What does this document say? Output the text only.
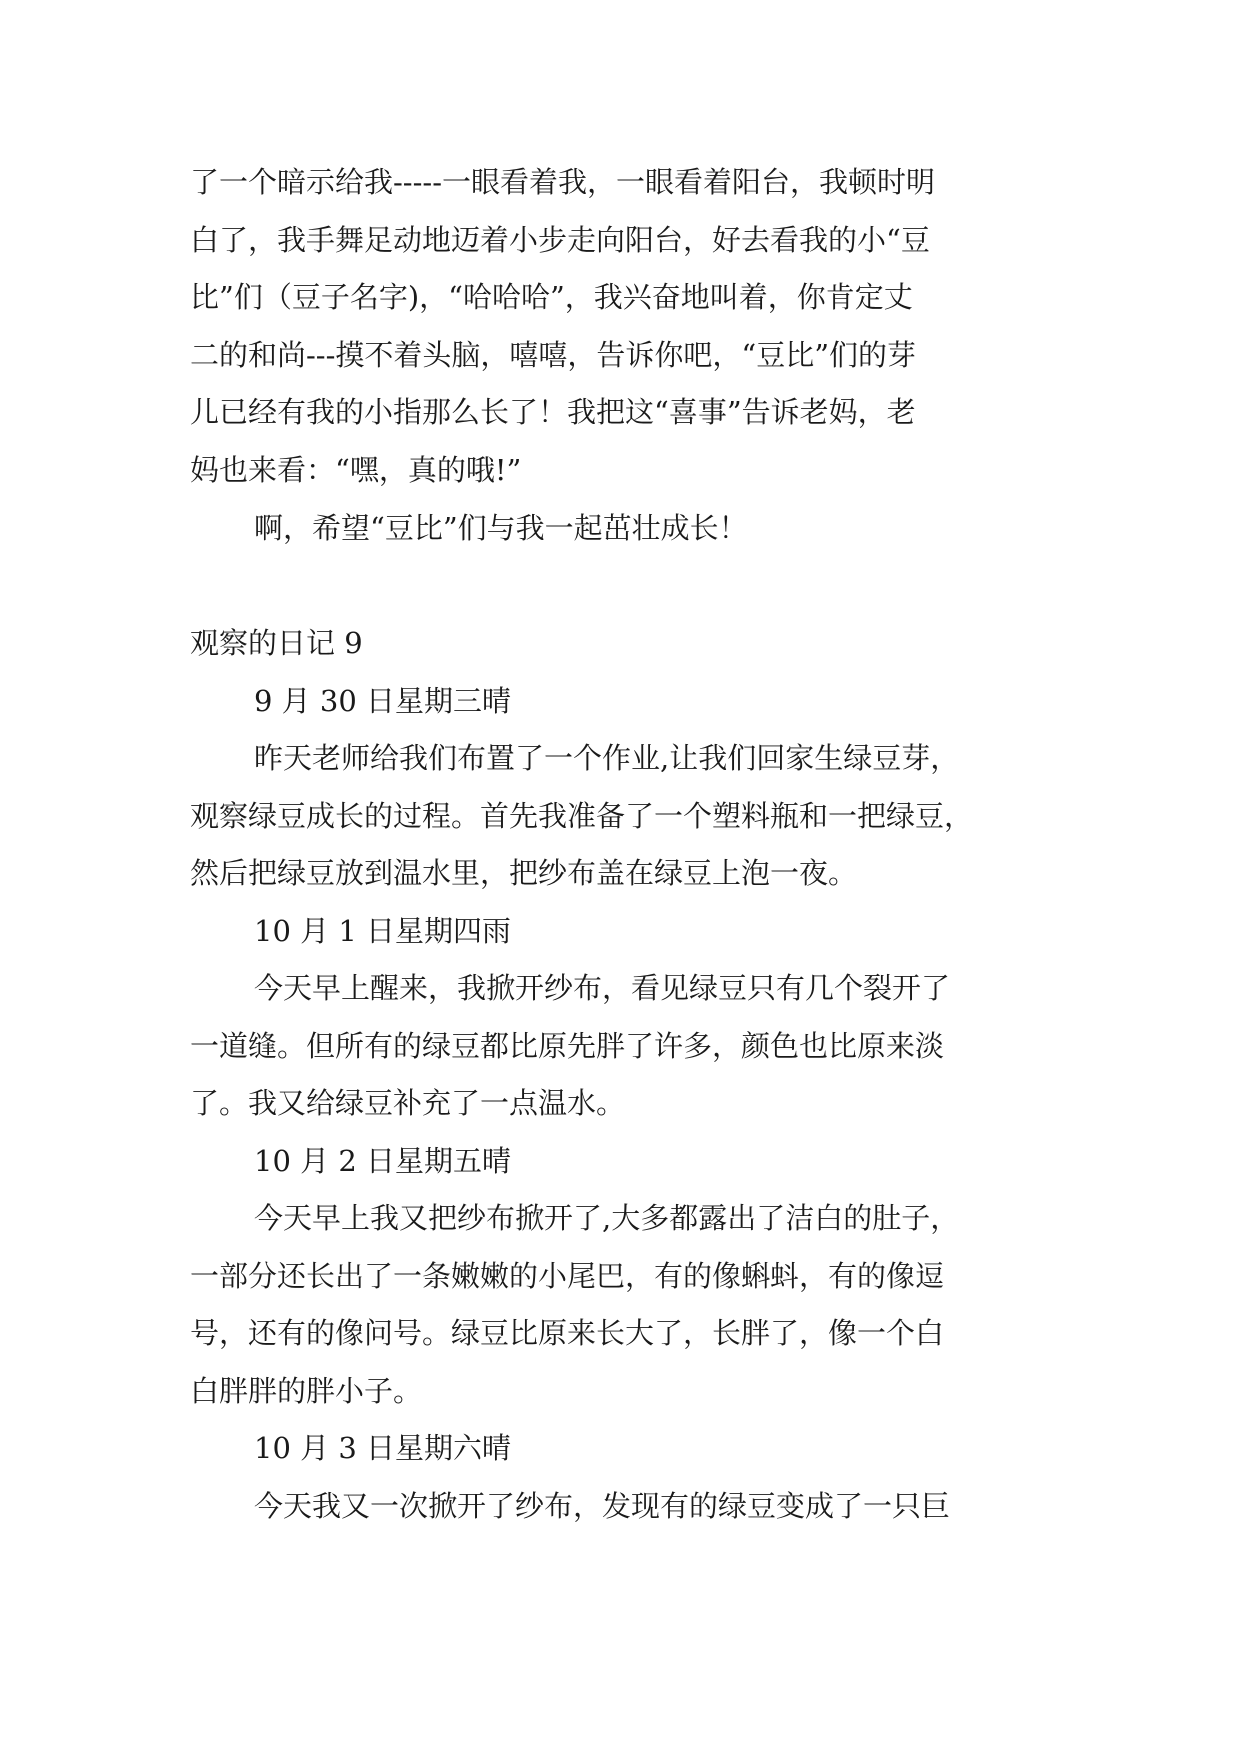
了一个暗示给我-----一眼看着我，一眼看着阳台，我顿时明
白了，我手舞足动地迈着小步走向阳台，好去看我的小“豆
比”们（豆子名字)，“哈哈哈”，我兴奋地叫着，你肯定丈
二的和尚---摸不着头脑，嘻嘻，告诉你吧，“豆比”们的芽
儿已经有我的小指那么长了！我把这“喜事”告诉老妈，老
妈也来看：“嘿，真的哦!”
啊，希望“豆比”们与我一起茁壮成长！
观察的日记 9
9 月 30 日星期三晴
昨天老师给我们布置了一个作业,让我们回家生绿豆芽，
观察绿豆成长的过程。首先我准备了一个塑料瓶和一把绿豆，
然后把绿豆放到温水里，把纱布盖在绿豆上泡一夜。
10 月 1 日星期四雨
今天早上醒来，我掀开纱布，看见绿豆只有几个裂开了
一道缝。但所有的绿豆都比原先胖了许多，颜色也比原来淡
了。我又给绿豆补充了一点温水。
10 月 2 日星期五晴
今天早上我又把纱布掀开了,大多都露出了洁白的肚子，
一部分还长出了一条嫩嫩的小尾巴，有的像蝌蚪，有的像逗
号，还有的像问号。绿豆比原来长大了，长胖了，像一个白
白胖胖的胖小子。
10 月 3 日星期六晴
今天我又一次掀开了纱布，发现有的绿豆变成了一只巨
